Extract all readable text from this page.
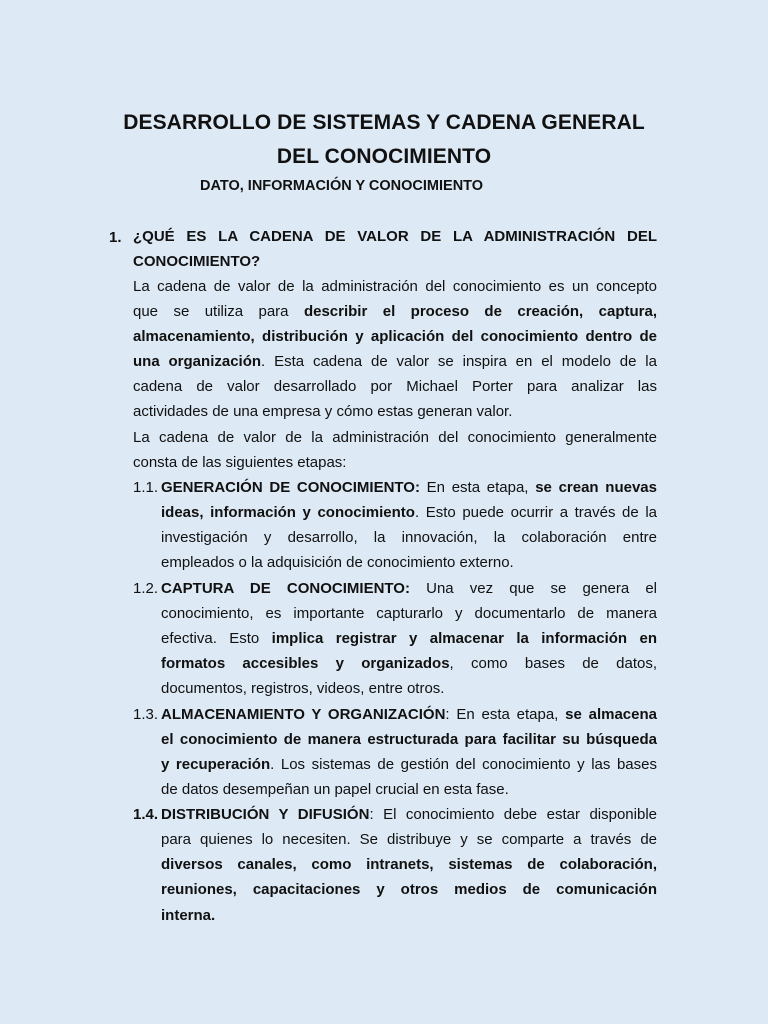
DESARROLLO DE SISTEMAS Y CADENA GENERAL
DEL CONOCIMIENTO
DATO, INFORMACIÓN Y CONOCIMIENTO
1. ¿QUÉ ES LA CADENA DE VALOR DE LA ADMINISTRACIÓN DEL
CONOCIMIENTO?
La cadena de valor de la administración del conocimiento es un concepto
que se utiliza para describir el proceso de creación, captura,
almacenamiento, distribución y aplicación del conocimiento dentro de
una organización. Esta cadena de valor se inspira en el modelo de la
cadena de valor desarrollado por Michael Porter para analizar las
actividades de una empresa y cómo estas generan valor.
La cadena de valor de la administración del conocimiento generalmente
consta de las siguientes etapas:
1.1. GENERACIÓN DE CONOCIMIENTO: En esta etapa, se crean nuevas
ideas, información y conocimiento. Esto puede ocurrir a través de la
investigación y desarrollo, la innovación, la colaboración entre
empleados o la adquisición de conocimiento externo.
1.2. CAPTURA DE CONOCIMIENTO: Una vez que se genera el
conocimiento, es importante capturarlo y documentarlo de manera
efectiva. Esto implica registrar y almacenar la información en
formatos accesibles y organizados, como bases de datos,
documentos, registros, videos, entre otros.
1.3. ALMACENAMIENTO Y ORGANIZACIÓN: En esta etapa, se almacena
el conocimiento de manera estructurada para facilitar su búsqueda
y recuperación. Los sistemas de gestión del conocimiento y las bases
de datos desempeñan un papel crucial en esta fase.
1.4. DISTRIBUCIÓN Y DIFUSIÓN: El conocimiento debe estar disponible
para quienes lo necesiten. Se distribuye y se comparte a través de
diversos canales, como intranets, sistemas de colaboración,
reuniones, capacitaciones y otros medios de comunicación
interna.
